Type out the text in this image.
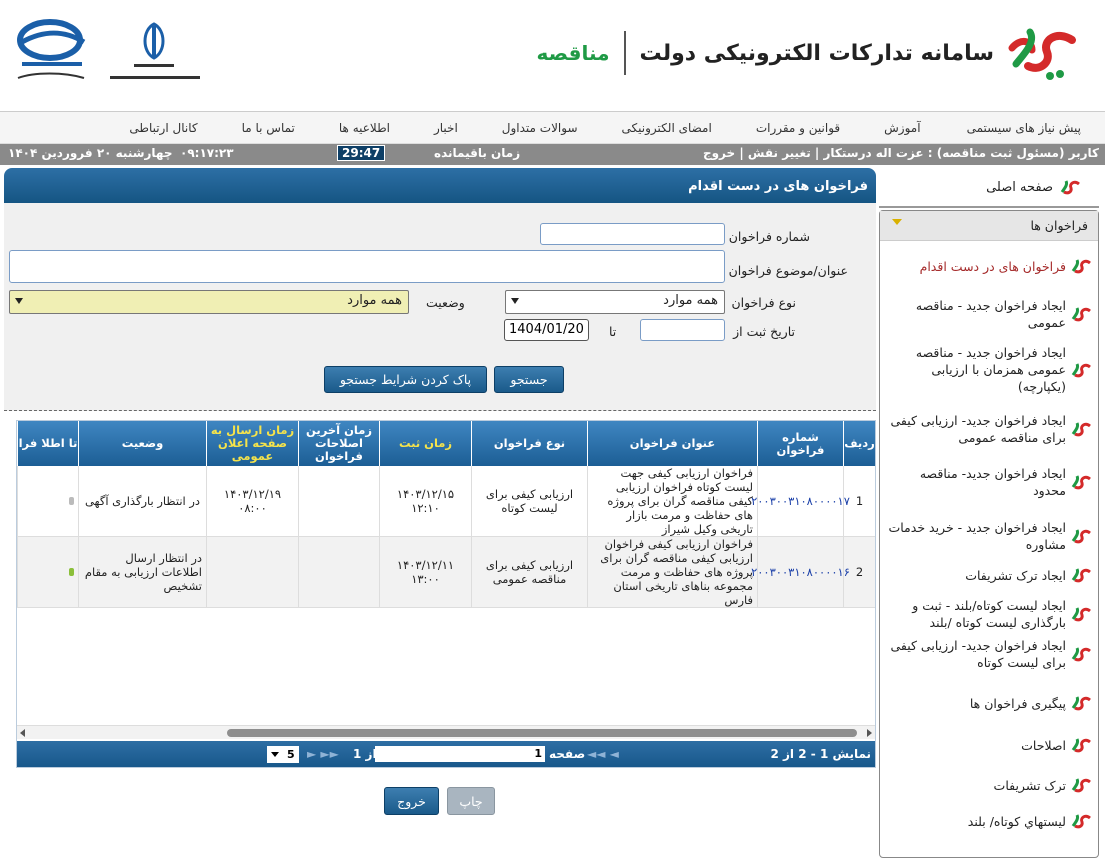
سامانه تدارکات الکترونیکی دولت
مناقصه
پیش نیاز های سیستمی
آموزش
قوانین و مقررات
امضای الکترونیکی
سوالات متداول
اخبار
اطلاعیه ها
تماس با ما
کانال ارتباطی
کاربر (مسئول ثبت مناقصه) : عزت اله درستکار | تغییر نقش | خروج
زمان باقیمانده
29:47
۰۹:۱۷:۲۳
چهارشنبه ۲۰ فروردین ۱۴۰۴
صفحه اصلی
فراخوان ها
فراخوان های در دست اقدام
ایجاد فراخوان جدید - مناقصه عمومی
ایجاد فراخوان جدید - مناقصه عمومی همزمان با ارزیابی (یکپارچه)
ایجاد فراخوان جدید- ارزیابی کیفی برای مناقصه عمومی
ایجاد فراخوان جدید- مناقصه محدود
ایجاد فراخوان جدید - خرید خدمات مشاوره
ایجاد ترک تشریفات
ایجاد لیست کوتاه/بلند - ثبت و بارگذاری لیست کوتاه /بلند
ایجاد فراخوان جدید- ارزیابی کیفی برای لیست کوتاه
پیگیری فراخوان ها
اصلاحات
ترک تشریفات
لیستهاي کوتاه/ بلند
فراخوان های در دست اقدام
شماره فراخوان
عنوان/موضوع فراخوان
نوع فراخوان
همه موارد
وضعیت
همه موارد
تاریخ ثبت از
تا
1404/01/20
جستجو
پاک کردن شرایط جستجو
ردیف
شماره فراخوان
عنوان فراخوان
نوع فراخوان
زمان ثبت
زمان آخرین اصلاحات فراخوان
زمان ارسال به صفحه اعلان عمومی
وضعیت
تا اطلا فرا
1
۲۰۰۳۰۰۳۱۰۸۰۰۰۰۱۷
فراخوان ارزیابی کیفی جهت لیست کوتاه فراخوان ارزیابی کیفی مناقصه گران برای پروژه های حفاظت و مرمت بازار تاریخی وکیل شیراز
ارزیابی کیفی برای لیست کوتاه
۱۴۰۳/۱۲/۱۵ ۱۲:۱۰
۱۴۰۳/۱۲/۱۹ ۰۸:۰۰
در انتظار بارگذاری آگهی
2
۲۰۰۳۰۰۳۱۰۸۰۰۰۰۱۶
فراخوان ارزیابی کیفی فراخوان ارزیابی کیفی مناقصه گران برای پروژه های حفاظت و مرمت مجموعه بناهای تاریخی استان فارس
ارزیابی کیفی برای مناقصه عمومی
۱۴۰۳/۱۲/۱۱ ۱۳:۰۰
در انتظار ارسال اطلاعات ارزیابی به مقام تشخیص
نمایش 1 - 2 از 2
◄◄ ◄
صفحه
1
از 1
► ►►
5
خروج	چاپ
